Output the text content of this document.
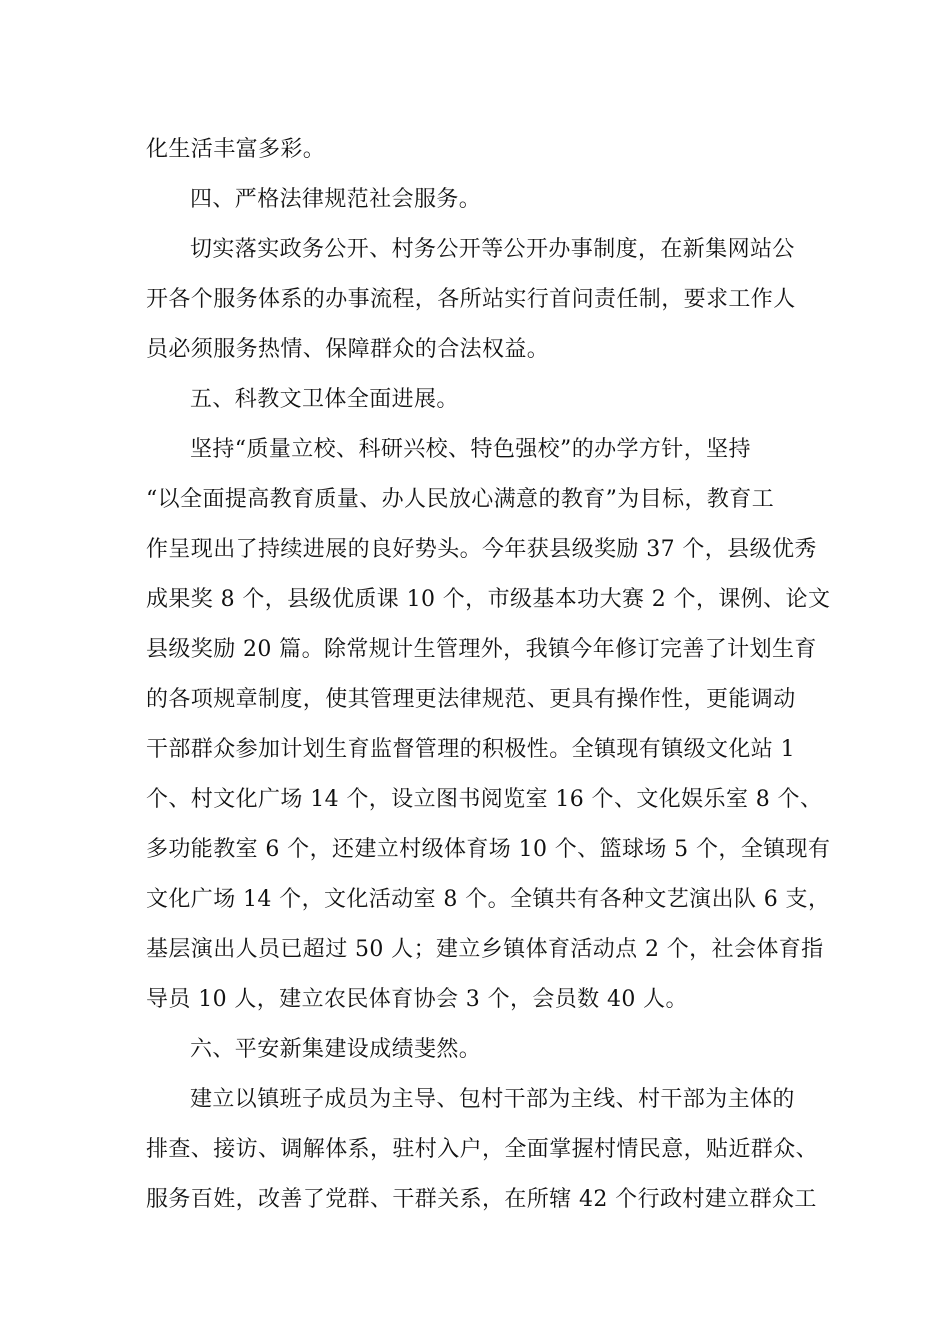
化生活丰富多彩。
四、严格法律规范社会服务。
切实落实政务公开、村务公开等公开办事制度，在新集网站公
开各个服务体系的办事流程，各所站实行首问责任制，要求工作人
员必须服务热情、保障群众的合法权益。
五、科教文卫体全面进展。
坚持“质量立校、科研兴校、特色强校”的办学方针，坚持
“以全面提高教育质量、办人民放心满意的教育”为目标，教育工
作呈现出了持续进展的良好势头。今年获县级奖励 37 个，县级优秀
成果奖 8 个，县级优质课 10 个，市级基本功大赛 2 个，课例、论文
县级奖励 20 篇。除常规计生管理外，我镇今年修订完善了计划生育
的各项规章制度，使其管理更法律规范、更具有操作性，更能调动
干部群众参加计划生育监督管理的积极性。全镇现有镇级文化站 1
个、村文化广场 14 个，设立图书阅览室 16 个、文化娱乐室 8 个、
多功能教室 6 个，还建立村级体育场 10 个、篮球场 5 个，全镇现有
文化广场 14 个，文化活动室 8 个。全镇共有各种文艺演出队 6 支，
基层演出人员已超过 50 人；建立乡镇体育活动点 2 个，社会体育指
导员 10 人，建立农民体育协会 3 个，会员数 40 人。
六、平安新集建设成绩斐然。
建立以镇班子成员为主导、包村干部为主线、村干部为主体的
排查、接访、调解体系，驻村入户，全面掌握村情民意，贴近群众、
服务百姓，改善了党群、干群关系，在所辖 42 个行政村建立群众工
